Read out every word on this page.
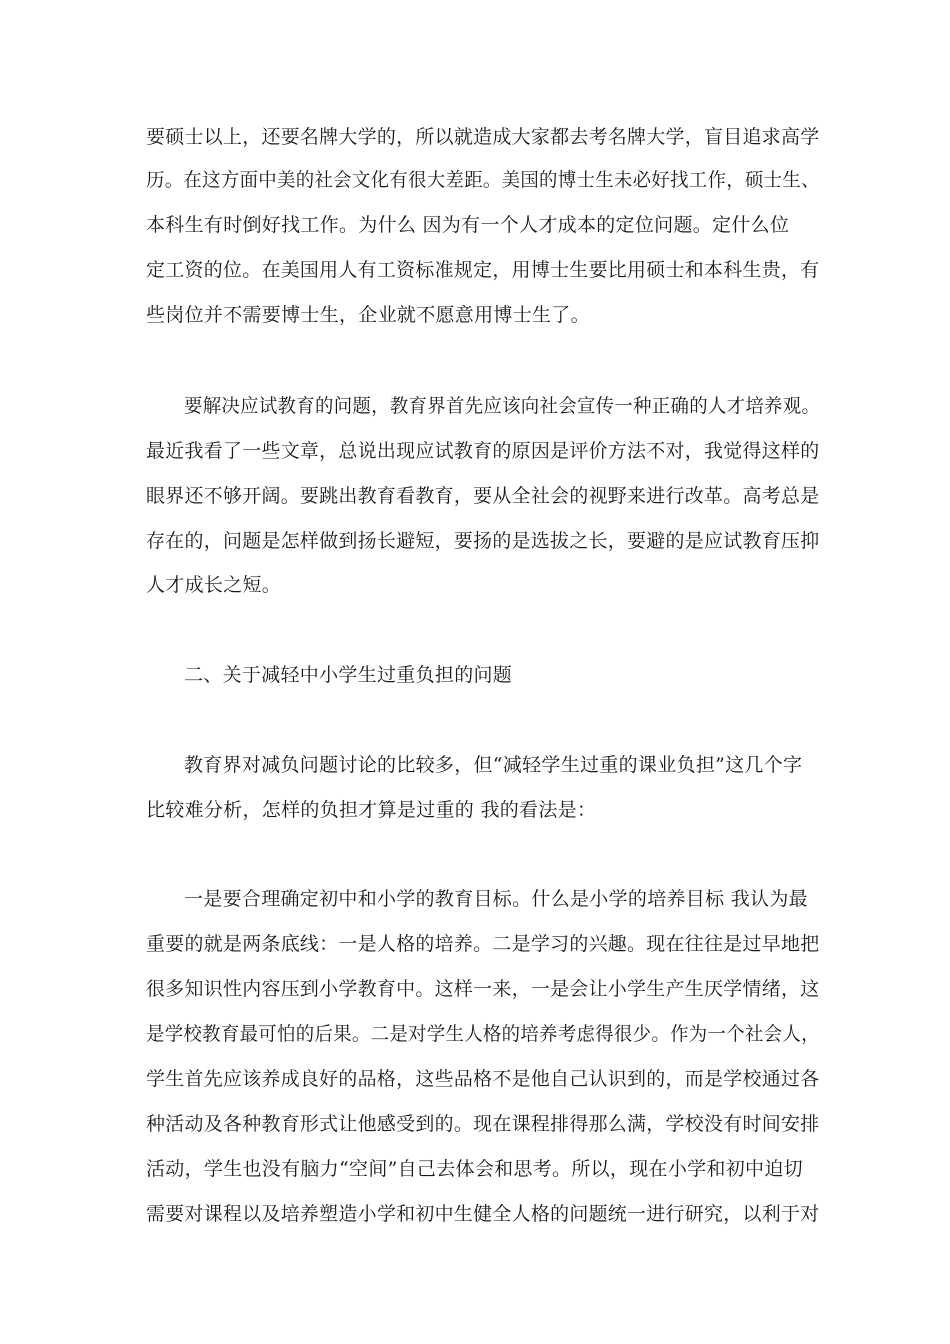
要硕士以上，还要名牌大学的，所以就造成大家都去考名牌大学，盲目追求高学
历。在这方面中美的社会文化有很大差距。美国的博士生未必好找工作，硕士生、
本科生有时倒好找工作。为什么 因为有一个人才成本的定位问题。定什么位
定工资的位。在美国用人有工资标准规定，用博士生要比用硕士和本科生贵，有
些岗位并不需要博士生，企业就不愿意用博士生了。
要解决应试教育的问题，教育界首先应该向社会宣传一种正确的人才培养观。
最近我看了一些文章，总说出现应试教育的原因是评价方法不对，我觉得这样的
眼界还不够开阔。要跳出教育看教育，要从全社会的视野来进行改革。高考总是
存在的，问题是怎样做到扬长避短，要扬的是选拔之长，要避的是应试教育压抑
人才成长之短。
二、关于减轻中小学生过重负担的问题
教育界对减负问题讨论的比较多，但“减轻学生过重的课业负担”这几个字
比较难分析，怎样的负担才算是过重的 我的看法是：
一是要合理确定初中和小学的教育目标。什么是小学的培养目标 我认为最
重要的就是两条底线：一是人格的培养。二是学习的兴趣。现在往往是过早地把
很多知识性内容压到小学教育中。这样一来，一是会让小学生产生厌学情绪，这
是学校教育最可怕的后果。二是对学生人格的培养考虑得很少。作为一个社会人，
学生首先应该养成良好的品格，这些品格不是他自己认识到的，而是学校通过各
种活动及各种教育形式让他感受到的。现在课程排得那么满，学校没有时间安排
活动，学生也没有脑力“空间”自己去体会和思考。所以，现在小学和初中迫切
需要对课程以及培养塑造小学和初中生健全人格的问题统一进行研究，以利于对
